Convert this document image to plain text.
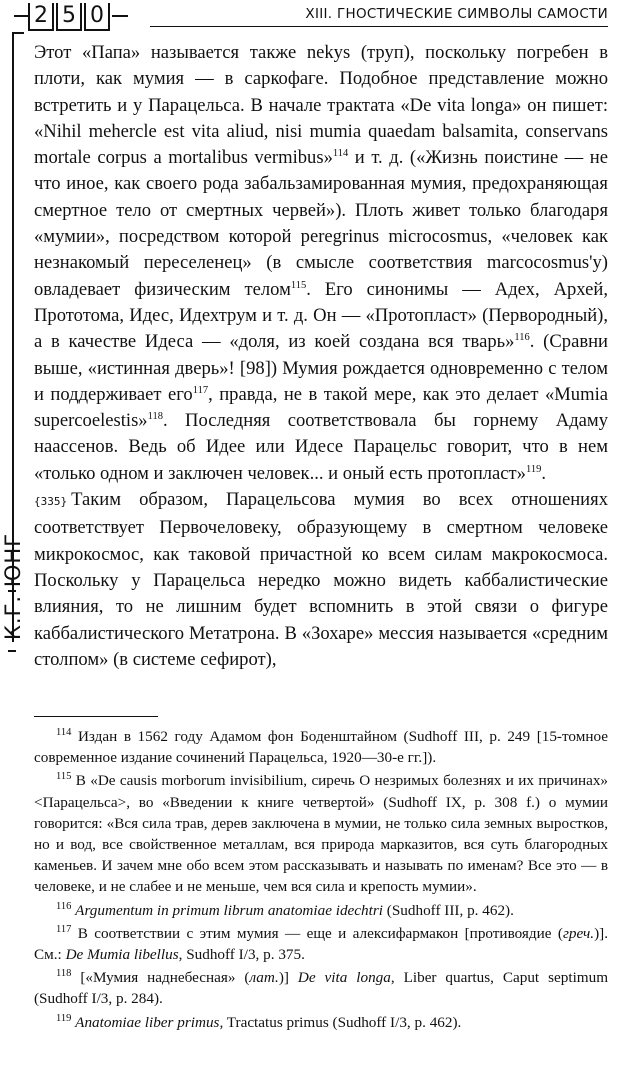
2 5 0	XIII. ГНОСТИЧЕСКИЕ СИМВОЛЫ САМОСТИ
К.Г. ЮНГ

Этот «Папа» называется также nekys (труп), поскольку погребен в плоти, как мумия — в саркофаге. Подобное представление можно встретить и у Парацельса. В начале трактата «De vita longa» он пишет: «Nihil mehercle est vita aliud, nisi mumia quaedam balsamita, conservans mortale corpus a mortalibus vermibus»$^{114}$ и т. д. («Жизнь поистине — не что иное, как своего рода забальзамированная мумия, предохраняющая смертное тело от смертных червей»). Плоть живет только благодаря «мумии», посредством которой peregrinus microcosmus, «человек как незнакомый переселенец» (в смысле соответствия marcocosmus'у) овладевает физическим телом$^{115}$. Его синонимы — Адех, Архей, Прототома, Идес, Идехтрум и т. д. Он — «Протопласт» (Первородный), а в качестве Идеса — «доля, из коей создана вся тварь»$^{116}$. (Сравни выше, «истинная дверь»! [98]) Мумия рождается одновременно с телом и поддерживает его$^{117}$, правда, не в такой мере, как это делает «Mumia supercoelestis»$^{118}$. Последняя соответствовала бы горнему Адаму наассенов. Ведь об Идее или Идесе Парацельс говорит, что в нем «только одном и заключен человек... и оный есть протопласт»$^{119}$.

{335} Таким образом, Парацельсова мумия во всех отношениях соответствует Первочеловеку, образующему в смертном человеке микрокосмос, как таковой причастной ко всем силам макрокосмоса. Поскольку у Парацельса нередко можно видеть каббалистические влияния, то не лишним будет вспомнить в этой связи о фигуре каббалистического Метатрона. В «Зохаре» мессия называется «средним столпом» (в системе сефирот),

$^{114}$ Издан в 1562 году Адамом фон Боденштайном (Sudhoff III, p. 249 [15-томное современное издание сочинений Парацельса, 1920—30-е гг.]).

$^{115}$ В «De causis morborum invisibilium, сиречь О незримых болезнях и их причинах» <Парацельса>, во «Введении к книге четвертой» (Sudhoff IX, p. 308 f.) о мумии говорится: «Вся сила трав, дерев заключена в мумии, не только сила земных выростков, но и вод, все свойственное металлам, вся природа марказитов, вся суть благородных каменьев. И зачем мне обо всем этом рассказывать и называть по именам? Все это — в человеке, и не слабее и не меньше, чем вся сила и крепость мумии».

$^{116}$ Argumentum in primum librum anatomiae idechtri (Sudhoff III, p. 462).

$^{117}$ В соответствии с этим мумия — еще и алексифармакон [противоядие (греч.)]. См.: De Mumia libellus, Sudhoff I/3, p. 375.

$^{118}$ [«Мумия наднебесная» (лат.)] De vita longa, Liber quartus, Caput septimum (Sudhoff I/3, p. 284).

$^{119}$ Anatomiae liber primus, Tractatus primus (Sudhoff I/3, p. 462).
